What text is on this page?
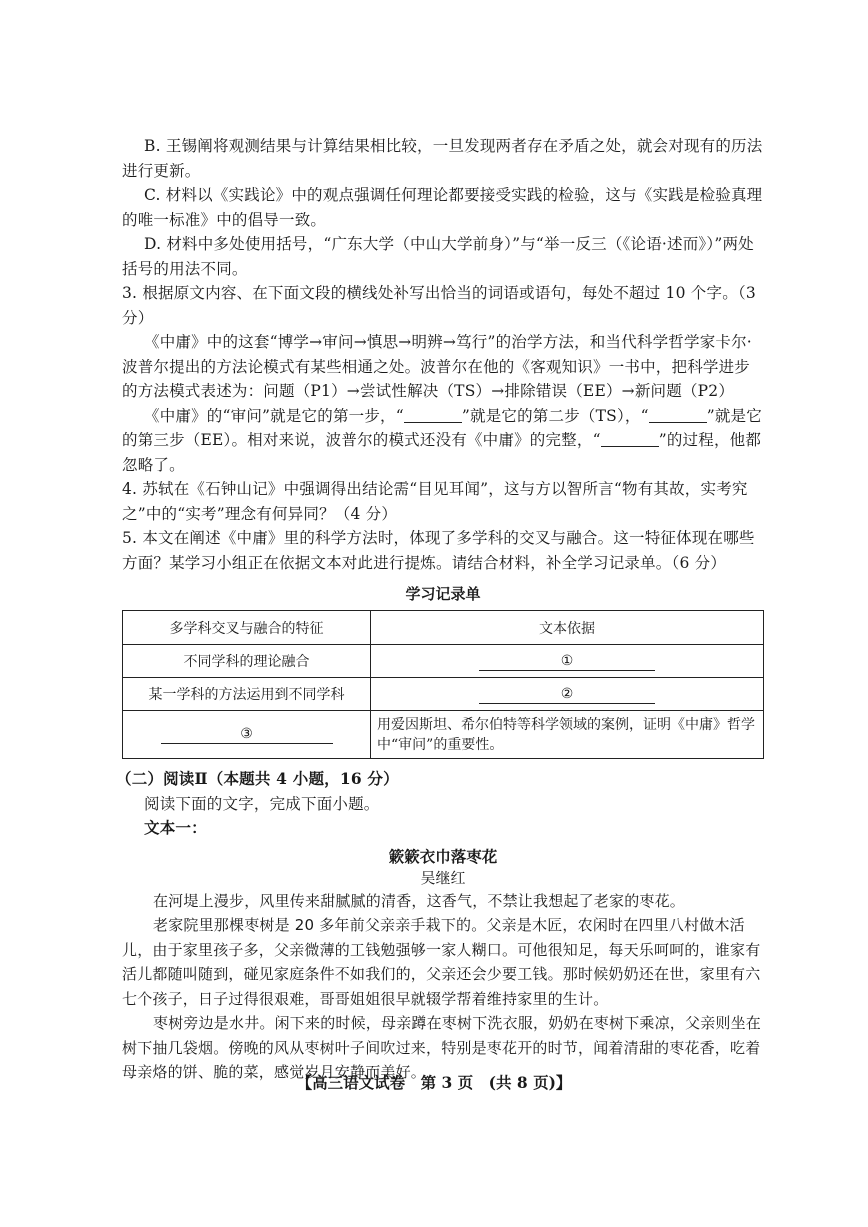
B. 王锡阐将观测结果与计算结果相比较，一旦发现两者存在矛盾之处，就会对现有的历法进行更新。

C. 材料以《实践论》中的观点强调任何理论都要接受实践的检验，这与《实践是检验真理的唯一标准》中的倡导一致。

D. 材料中多处使用括号，“广东大学（中山大学前身）”与“举一反三（《论语·述而》）”两处括号的用法不同。

3. 根据原文内容、在下面文段的横线处补写出恰当的词语或语句，每处不超过 10 个字。（3 分）

《中庸》中的这套“博学→审问→慎思→明辨→笃行”的治学方法，和当代科学哲学家卡尔·波普尔提出的方法论模式有某些相通之处。波普尔在他的《客观知识》一书中，把科学进步的方法模式表述为：问题（P1）→尝试性解决（TS）→排除错误（EE）→新问题（P2）

《中庸》的“审问”就是它的第一步，“	”就是它的第二步（TS），“	”就是它的第三步（EE）。相对来说，波普尔的模式还没有《中庸》的完整，“	”的过程，他都忽略了。

4. 苏轼在《石钟山记》中强调得出结论需“目见耳闻”，这与方以智所言“物有其故，实考究之”中的“实考”理念有何异同？（4 分）

5. 本文在阐述《中庸》里的科学方法时，体现了多学科的交叉与融合。这一特征体现在哪些方面？某学习小组正在依据文本对此进行提炼。请结合材料，补全学习记录单。（6 分）

学习记录单
多学科交叉与融合的特征	文本依据
不同学科的理论融合	①
某一学科的方法运用到不同学科	②
③	用爱因斯坦、希尔伯特等科学领域的案例，证明《中庸》哲学中“审问”的重要性。

（二）阅读Ⅱ（本题共 4 小题，16 分）

阅读下面的文字，完成下面小题。

文本一：

簌簌衣巾落枣花
吴继红

在河堤上漫步，风里传来甜腻腻的清香，这香气，不禁让我想起了老家的枣花。

老家院里那棵枣树是 20 多年前父亲亲手栽下的。父亲是木匠，农闲时在四里八村做木活儿，由于家里孩子多，父亲微薄的工钱勉强够一家人糊口。可他很知足，每天乐呵呵的，谁家有活儿都随叫随到，碰见家庭条件不如我们的，父亲还会少要工钱。那时候奶奶还在世，家里有六七个孩子，日子过得很艰难，哥哥姐姐很早就辍学帮着维持家里的生计。

枣树旁边是水井。闲下来的时候，母亲蹲在枣树下洗衣服，奶奶在枣树下乘凉，父亲则坐在树下抽几袋烟。傍晚的风从枣树叶子间吹过来，特别是枣花开的时节，闻着清甜的枣花香，吃着母亲烙的饼、脆的菜，感觉岁月安静而美好。

【高三语文试卷　第 3 页　(共 8 页)】
